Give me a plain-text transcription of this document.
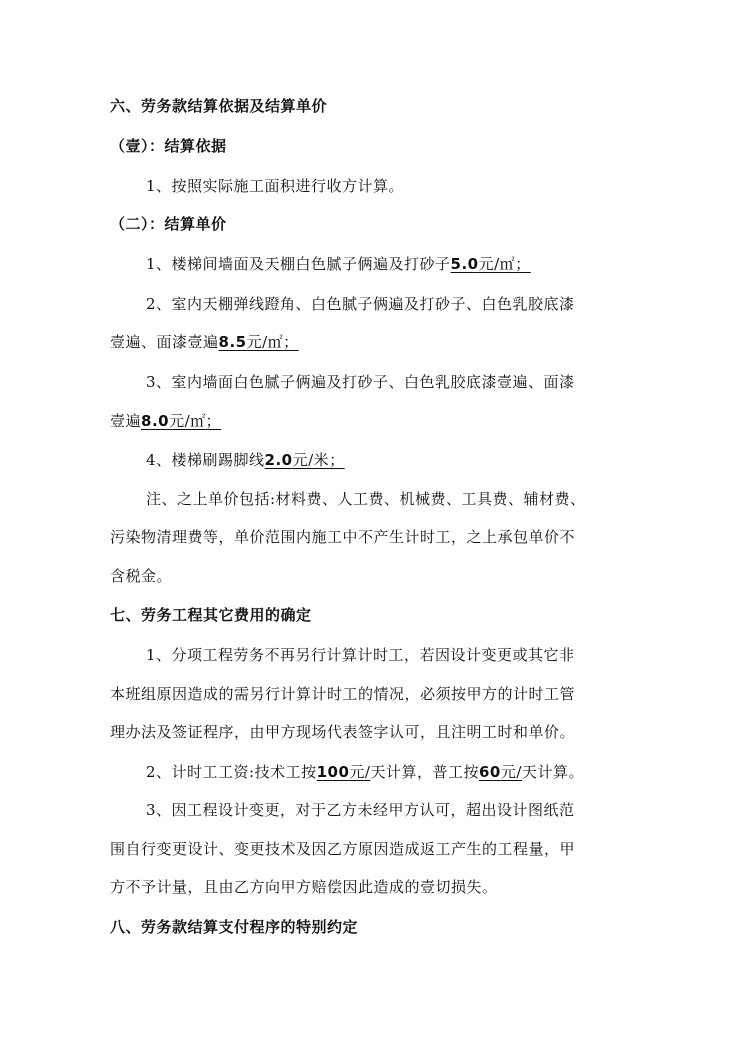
六、劳务款结算依据及结算单价
（壹）：结算依据
1、按照实际施工面积进行收方计算。
（二）：结算单价
1、楼梯间墙面及天棚白色腻子俩遍及打砂子5.0元/㎡；
2、室内天棚弹线蹬角、白色腻子俩遍及打砂子、白色乳胶底漆
壹遍、面漆壹遍8.5元/㎡；
3、室内墙面白色腻子俩遍及打砂子、白色乳胶底漆壹遍、面漆
壹遍8.0元/㎡；
4、楼梯刷踢脚线2.0元/米；
注、之上单价包括:材料费、人工费、机械费、工具费、辅材费、
污染物清理费等，单价范围内施工中不产生计时工，之上承包单价不
含税金。
七、劳务工程其它费用的确定
1、分项工程劳务不再另行计算计时工，若因设计变更或其它非
本班组原因造成的需另行计算计时工的情况，必须按甲方的计时工管
理办法及签证程序，由甲方现场代表签字认可，且注明工时和单价。
2、计时工工资:技术工按100元/天计算，普工按60元/天计算。
3、因工程设计变更，对于乙方未经甲方认可，超出设计图纸范
围自行变更设计、变更技术及因乙方原因造成返工产生的工程量，甲
方不予计量，且由乙方向甲方赔偿因此造成的壹切损失。
八、劳务款结算支付程序的特别约定
